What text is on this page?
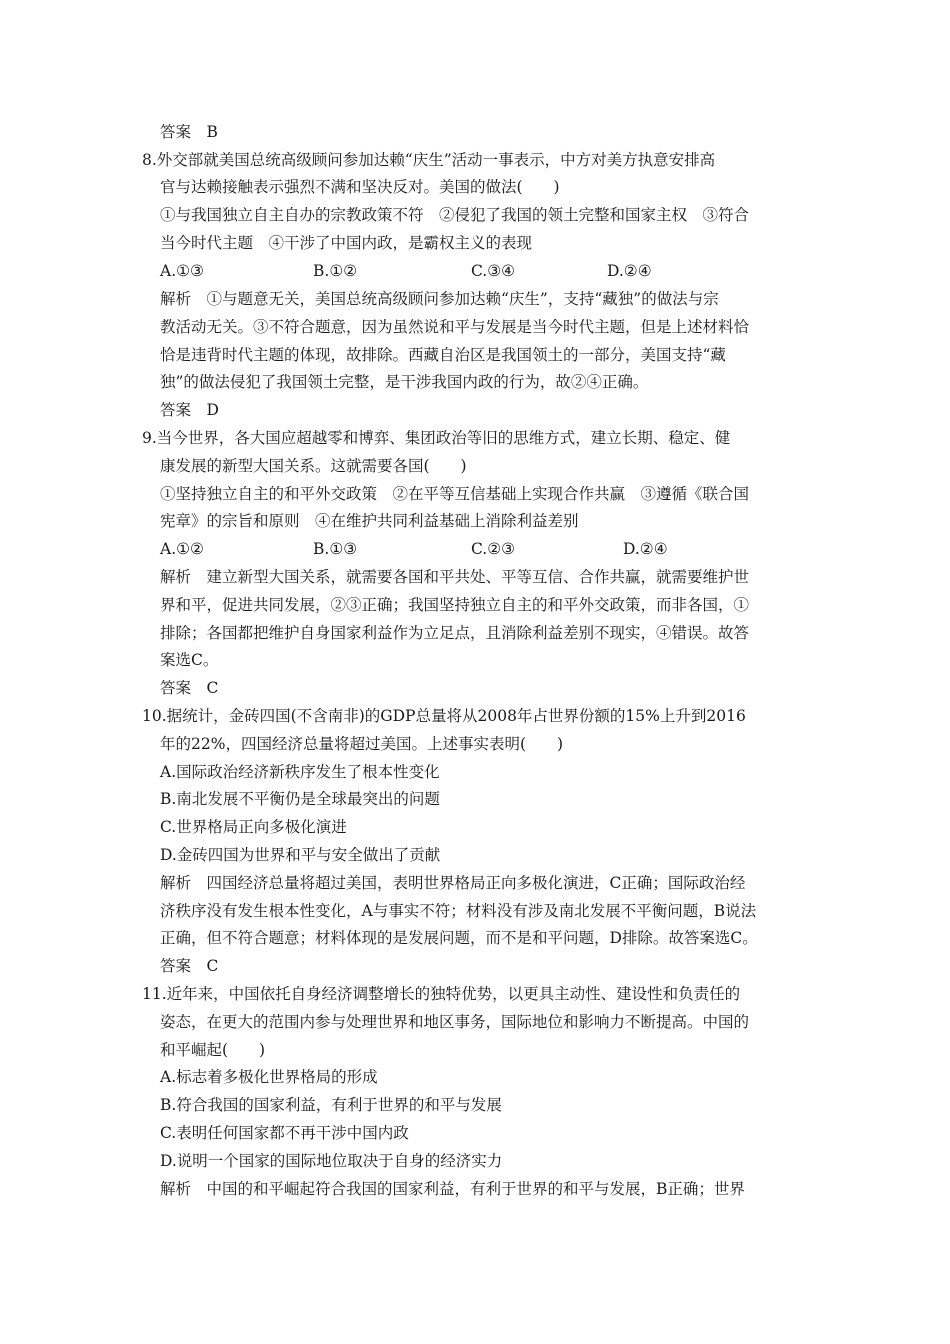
答案　B
8.外交部就美国总统高级顾问参加达赖“庆生”活动一事表示，中方对美方执意安排高
官与达赖接触表示强烈不满和坚决反对。美国的做法(　　)
①与我国独立自主自办的宗教政策不符　②侵犯了我国的领土完整和国家主权　③符合
当今时代主题　④干涉了中国内政，是霸权主义的表现
A.①③	B.①②	C.③④	D.②④
解析　①与题意无关，美国总统高级顾问参加达赖“庆生”，支持“藏独”的做法与宗
教活动无关。③不符合题意，因为虽然说和平与发展是当今时代主题，但是上述材料恰
恰是违背时代主题的体现，故排除。西藏自治区是我国领土的一部分，美国支持“藏
独”的做法侵犯了我国领土完整，是干涉我国内政的行为，故②④正确。
答案　D
9.当今世界，各大国应超越零和博弈、集团政治等旧的思维方式，建立长期、稳定、健
康发展的新型大国关系。这就需要各国(　　)
①坚持独立自主的和平外交政策　②在平等互信基础上实现合作共赢　③遵循《联合国
宪章》的宗旨和原则　④在维护共同利益基础上消除利益差别
A.①②	B.①③	C.②③	D.②④
解析　建立新型大国关系，就需要各国和平共处、平等互信、合作共赢，就需要维护世
界和平，促进共同发展，②③正确；我国坚持独立自主的和平外交政策，而非各国，①
排除；各国都把维护自身国家利益作为立足点，且消除利益差别不现实，④错误。故答
案选C。
答案　C
10.据统计，金砖四国(不含南非)的GDP总量将从2008年占世界份额的15%上升到2016
年的22%，四国经济总量将超过美国。上述事实表明(　　)
A.国际政治经济新秩序发生了根本性变化
B.南北发展不平衡仍是全球最突出的问题
C.世界格局正向多极化演进
D.金砖四国为世界和平与安全做出了贡献
解析　四国经济总量将超过美国，表明世界格局正向多极化演进，C正确；国际政治经
济秩序没有发生根本性变化，A与事实不符；材料没有涉及南北发展不平衡问题，B说法
正确，但不符合题意；材料体现的是发展问题，而不是和平问题，D排除。故答案选C。
答案　C
11.近年来，中国依托自身经济调整增长的独特优势，以更具主动性、建设性和负责任的
姿态，在更大的范围内参与处理世界和地区事务，国际地位和影响力不断提高。中国的
和平崛起(　　)
A.标志着多极化世界格局的形成
B.符合我国的国家利益，有利于世界的和平与发展
C.表明任何国家都不再干涉中国内政
D.说明一个国家的国际地位取决于自身的经济实力
解析　中国的和平崛起符合我国的国家利益，有利于世界的和平与发展，B正确；世界
